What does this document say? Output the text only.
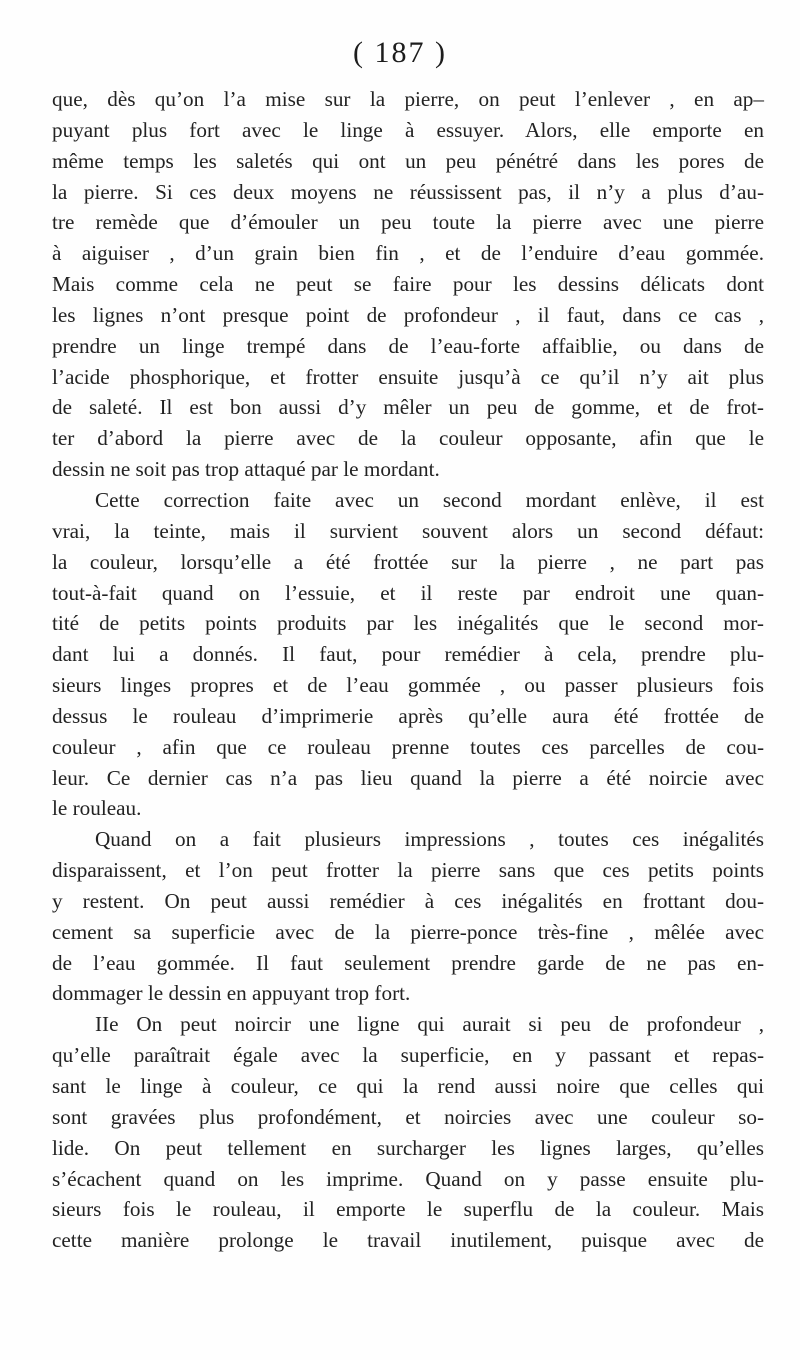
( 187 )
que, dès qu’on l’a mise sur la pierre, on peut l’enlever , en ap–
puyant plus fort avec le linge à essuyer. Alors, elle emporte en
même temps les saletés qui ont un peu pénétré dans les pores de
la pierre. Si ces deux moyens ne réussissent pas, il n’y a plus d’au-
tre remède que d’émouler un peu toute la pierre avec une pierre
à aiguiser , d’un grain bien fin , et de l’enduire d’eau gommée.
Mais comme cela ne peut se faire pour les dessins délicats dont
les lignes n’ont presque point de profondeur , il faut, dans ce cas ,
prendre un linge trempé dans de l’eau-forte affaiblie, ou dans de
l’acide phosphorique, et frotter ensuite jusqu’à ce qu’il n’y ait plus
de saleté. Il est bon aussi d’y mêler un peu de gomme, et de frot-
ter d’abord la pierre avec de la couleur opposante, afin que le
dessin ne soit pas trop attaqué par le mordant.
Cette correction faite avec un second mordant enlève, il est
vrai, la teinte, mais il survient souvent alors un second défaut:
la couleur, lorsqu’elle a été frottée sur la pierre , ne part pas
tout-à-fait quand on l’essuie, et il reste par endroit une quan-
tité de petits points produits par les inégalités que le second mor-
dant lui a donnés. Il faut, pour remédier à cela, prendre plu-
sieurs linges propres et de l’eau gommée , ou passer plusieurs fois
dessus le rouleau d’imprimerie après qu’elle aura été frottée de
couleur , afin que ce rouleau prenne toutes ces parcelles de cou-
leur. Ce dernier cas n’a pas lieu quand la pierre a été noircie avec
le rouleau.
Quand on a fait plusieurs impressions , toutes ces inégalités
disparaissent, et l’on peut frotter la pierre sans que ces petits points
y restent. On peut aussi remédier à ces inégalités en frottant dou-
cement sa superficie avec de la pierre-ponce très-fine , mêlée avec
de l’eau gommée. Il faut seulement prendre garde de ne pas en-
dommager le dessin en appuyant trop fort.
IIe On peut noircir une ligne qui aurait si peu de profondeur ,
qu’elle paraîtrait égale avec la superficie, en y passant et repas-
sant le linge à couleur, ce qui la rend aussi noire que celles qui
sont gravées plus profondément, et noircies avec une couleur so-
lide. On peut tellement en surcharger les lignes larges, qu’elles
s’écachent quand on les imprime. Quand on y passe ensuite plu-
sieurs fois le rouleau, il emporte le superflu de la couleur. Mais
cette manière prolonge le travail inutilement, puisque avec de
